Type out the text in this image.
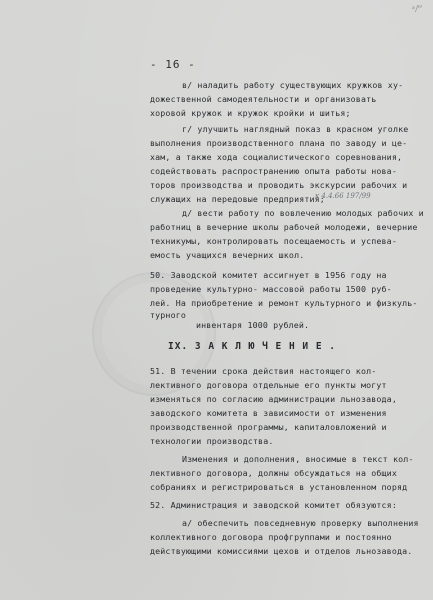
ᵃ/ᵐ
- 16 -
в/ наладить работу существующих кружков ху-
дожественной самодеятельности и организовать
хоровой кружок и кружок кройки и шитья;
г/ улучшить наглядный показ в красном уголке
выполнения производственного плана по заводу и це-
хам, а также хода социалистического соревнования,
содействовать распространению опыта работы нова-
торов производства и проводить экскурсии рабочих и
служащих на передовые предприятия;
к 4.4.66 197/99
д/ вести работу по вовлечению молодых рабочих и
работниц в вечерние школы рабочей молодежи, вечерние
техникумы, контролировать посещаемость и успева-
емость учащихся вечерних школ.
50. Заводской комитет ассигнует в 1956 году на
проведение культурно- массовой работы 1500 руб-
лей. На приобретение и ремонт культурного и физкуль-
турного
инвентаря 1000 рублей.
IX. З А К Л Ю Ч Е Н И Е .
51. В течении срока действия настоящего кол-
лективного договора отдельные его пункты могут
изменяться по согласию администрации льнозавода,
заводского комитета в зависимости от изменения
производственной программы, капиталовложений и
технологии производства.
Изменения и дополнения, вносимые в текст кол-
лективного договора, должны обсуждаться на общих
собраниях и регистрироваться в установленном поряд
52. Администрация и заводской комитет обязуются:
а/ обеспечить повседневную проверку выполнения
коллективного договора профгруппами и постоянно
действующими комиссиями цехов и отделов льнозавода.
